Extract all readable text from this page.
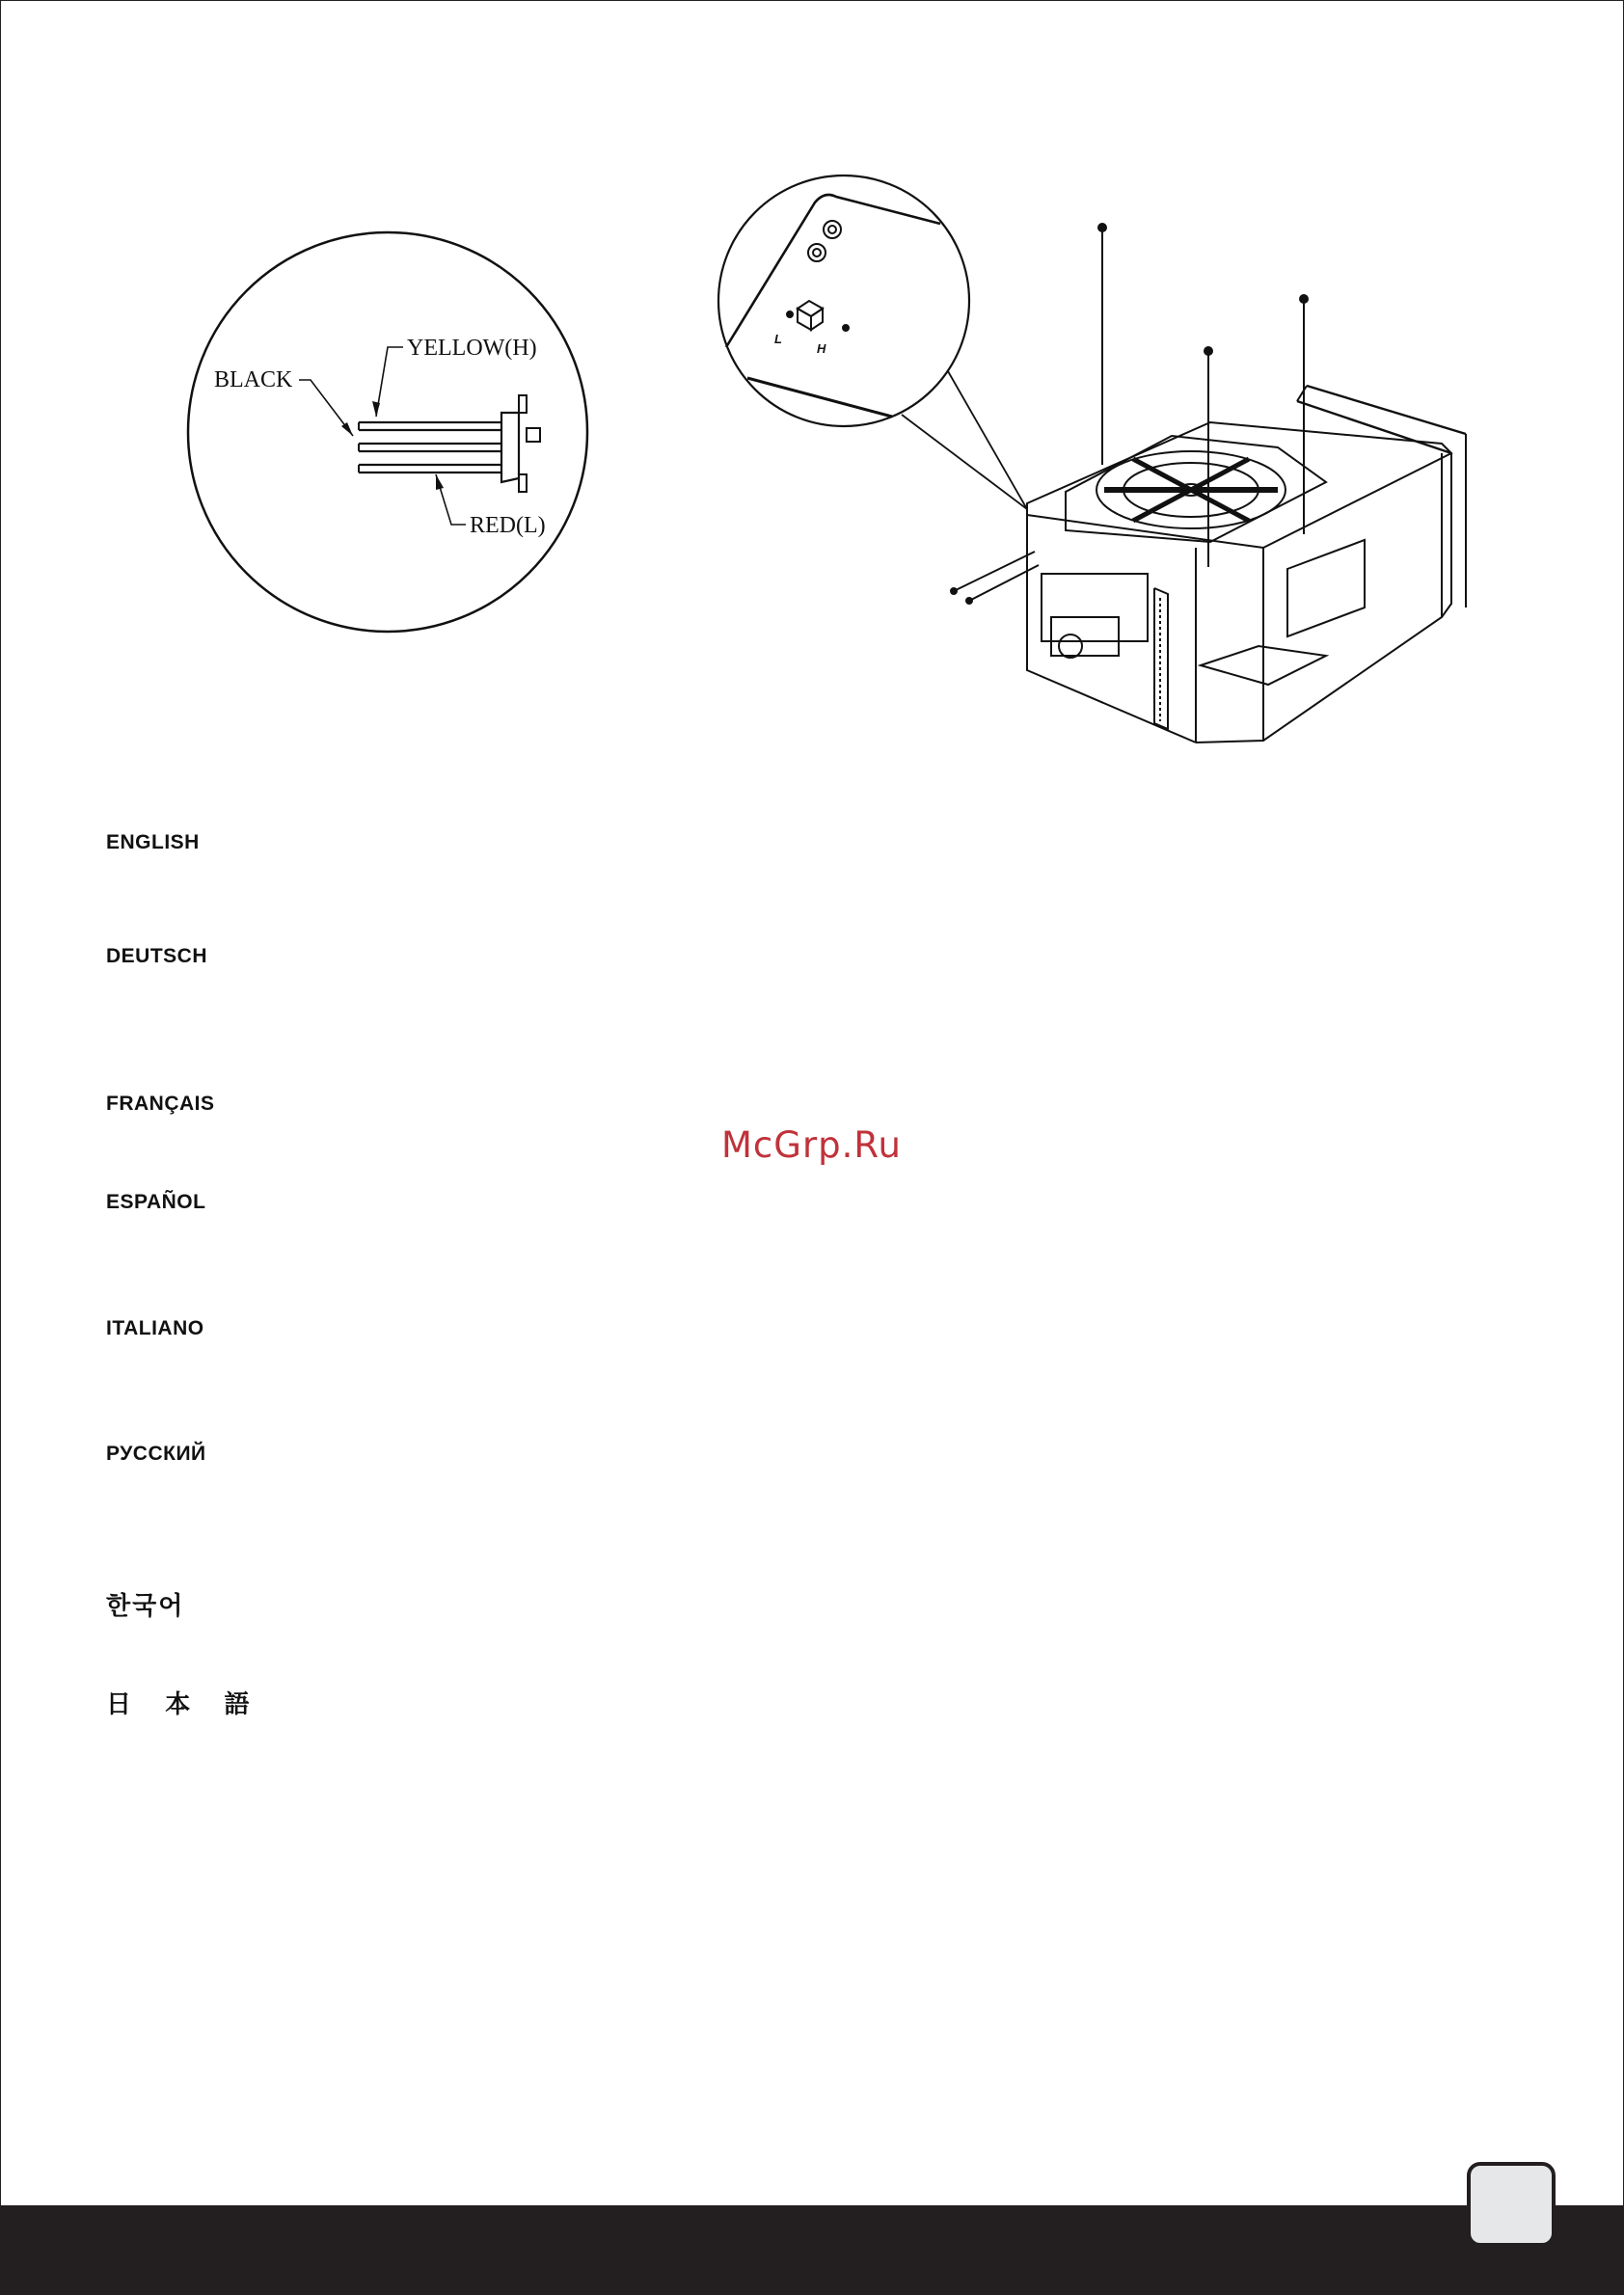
BLACK
YELLOW(H)
RED(L)
L
H
ENGLISH
DEUTSCH
FRANÇAIS
ESPAÑOL
ITALIANO
РУССКИЙ
한국어
日 本 語
McGrp.Ru
